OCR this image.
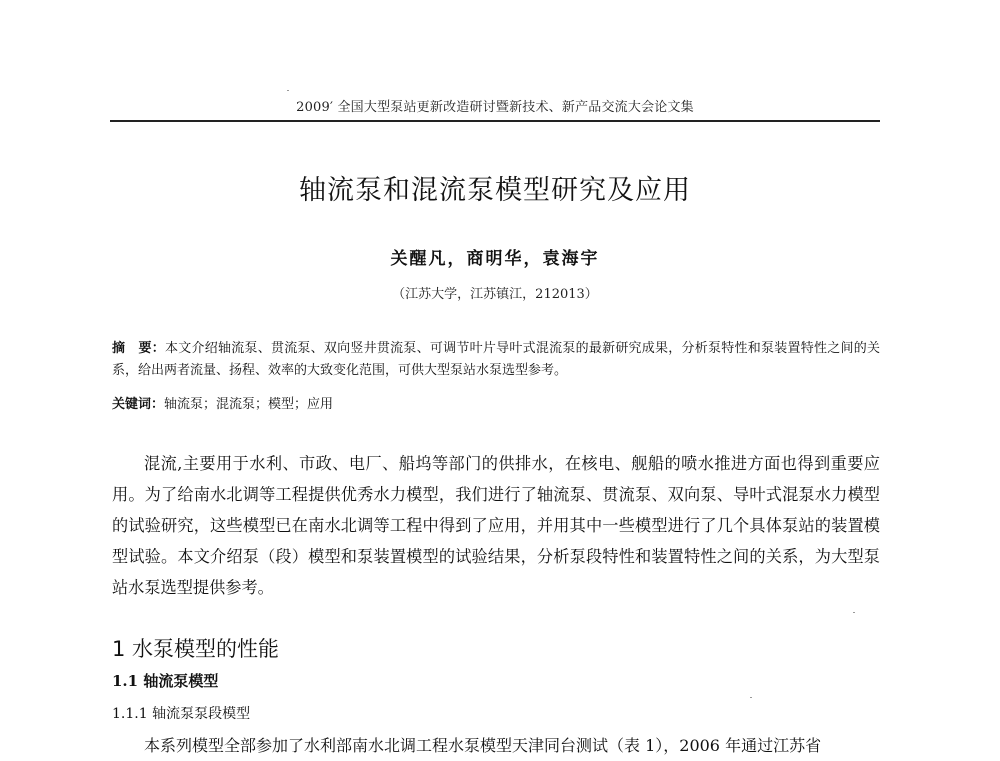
2009′ 全国大型泵站更新改造研讨暨新技术、新产品交流大会论文集
轴流泵和混流泵模型研究及应用
关醒凡，商明华，袁海宇
（江苏大学，江苏镇江，212013）
摘　要：本文介绍轴流泵、贯流泵、双向竖井贯流泵、可调节叶片导叶式混流泵的最新研究成果，分析泵特性和泵装置特性之间的关系，给出两者流量、扬程、效率的大致变化范围，可供大型泵站水泵选型参考。
关键词：轴流泵；混流泵；模型；应用
混流,主要用于水利、市政、电厂、船坞等部门的供排水，在核电、舰船的喷水推进方面也得到重要应用。为了给南水北调等工程提供优秀水力模型，我们进行了轴流泵、贯流泵、双向泵、导叶式混泵水力模型的试验研究，这些模型已在南水北调等工程中得到了应用，并用其中一些模型进行了几个具体泵站的装置模型试验。本文介绍泵（段）模型和泵装置模型的试验结果，分析泵段特性和装置特性之间的关系，为大型泵站水泵选型提供参考。
1 水泵模型的性能
1.1 轴流泵模型
1.1.1 轴流泵泵段模型
本系列模型全部参加了水利部南水北调工程水泵模型天津同台测试（表 1），2006 年通过江苏省
